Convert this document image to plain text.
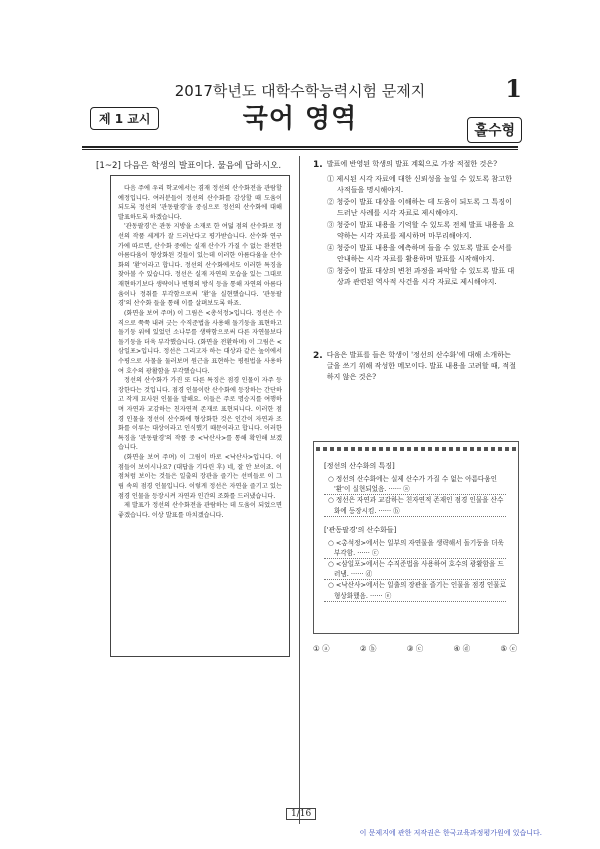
2017학년도 대학수학능력시험 문제지	1
국어 영역
제 1 교시
홀수형
[1~2] 다음은 학생의 발표이다. 물음에 답하시오.

다음 주에 우리 학교에서는 겸재 정선의 산수화전을 관람할 예정입니다. 여러분들이 정선의 산수화를 감상할 때 도움이 되도록 정선의 '관동팔경'을 중심으로 정선의 산수화에 대해 발표하도록 하겠습니다.

'관동팔경'은 관동 지방을 소재로 한 여덟 점의 산수화로 정선의 작품 세계가 잘 드러난다고 평가받습니다. 산수화 연구가에 따르면, 산수화 중에는 실재 산수가 가질 수 없는 완전한 아름다움이 형상화된 것들이 있는데 이러한 아름다움을 산수화의 '환'이라고 합니다. 정선의 산수화에서도 이러한 특징을 찾아볼 수 있습니다. 정선은 실재 자연의 모습을 있는 그대로 재현하기보다 생략이나 변형의 방식 등을 통해 자연의 아름다움이나 정취를 부각함으로써 '환'을 실현했습니다. '관동팔경'의 산수화 들을 통해 이를 살펴보도록 하죠.

(화면을 보여 주며) 이 그림은 <총석정>입니다. 정선은 수직으로 쭉쭉 내려 긋는 수직준법을 사용해 돌기둥을 표현하고 돌기둥 위에 있었던 소나무를 생략함으로써 다른 자연물보다 돌기둥을 더욱 부각했습니다. (화면을 전환하며) 이 그림은 <삼일포>입니다. 정선은 그리고자 하는 대상과 같은 높이에서 수평으로 사물을 둘러보며 원근을 표현하는 평원법을 사용하여 호수의 광활함을 부각했습니다.

정선의 산수화가 가진 또 다른 특징은 점경 인물이 자주 등장한다는 것입니다. 점경 인물이란 산수화에 등장하는 간단하고 작게 묘사된 인물을 말해요. 이들은 주로 명승지를 여행하며 자연과 교감하는 친자연적 존재로 표현되니다. 이러한 점경 인물을 정선이 산수화에 형상화한 것은 인간이 자연과 조화를 이루는 대상이라고 인식했기 때문이라고 합니다. 이러한 특징을 '관동팔경'의 작품 중 <낙산사>를 통해 확인해 보겠습니다.

(화면을 보여 주며) 이 그림이 바로 <낙산사>입니다. 이 점들이 보이시나요? (대답을 기다린 후) 네, 잘 안 보이죠. 이 점처럼 보이는 것들은 일출의 장관을 즐기는 선비들로 이 그림 속의 점경 인물입니다. 이렇게 정선은 자연을 즐기고 있는 점경 인물을 등장시켜 자연과 인간의 조화를 드러냈습니다.

제 발표가 정선의 산수화전을 관람하는 데 도움이 되었으면 좋겠습니다. 이상 발표를 마치겠습니다.

1. 발표에 반영된 학생의 발표 계획으로 가장 적절한 것은?
① 제시된 시각 자료에 대한 신뢰성을 높일 수 있도록 참고한 사적들을 명시해야지.
② 청중이 발표 대상을 이해하는 데 도움이 되도록 그 특징이 드러난 사례를 시각 자료로 제시해야지.
③ 청중이 발표 내용을 기억할 수 있도록 전체 발표 내용을 요약하는 시각 자료를 제시하며 마무리해야지.
④ 청중이 발표 내용을 예측하며 들을 수 있도록 발표 순서를 안내하는 시각 자료를 활용하며 발표를 시작해야지.
⑤ 청중이 발표 대상의 변천 과정을 파악할 수 있도록 발표 대상과 관련된 역사적 사건을 시각 자료로 제시해야지.
2. 다음은 발표를 들은 학생이 '정선의 산수화'에 대해 소개하는 글을 쓰기 위해 작성한 메모이다. 발표 내용을 고려할 때, 적절하지 않은 것은?
[정선의 산수화의 특징]
○ 정선의 산수화에는 실제 산수가 가질 수 없는 아름다움인 '환'이 실현되었음. ······ ⓐ
○ 정선은 자연과 교감하는 친자연적 존재인 점경 인물을 산수화에 등장시킴. ······ ⓑ
['관동팔경'의 산수화들]
○ <총석정>에서는 일부의 자연물을 생략해서 돌기둥을 더욱 부각함. ······ ⓒ
○ <삼일포>에서는 수직준법을 사용하여 호수의 광활함을 드러냄. ······ ⓓ
○ <낙산사>에서는 일출의 장관을 즐기는 인물을 점경 인물로 형상화했음. ······ ⓔ
① ⓐ	② ⓑ	③ ⓒ	④ ⓓ	⑤ ⓔ
1/16
이 문제지에 관한 저작권은 한국교육과정평가원에 있습니다.
